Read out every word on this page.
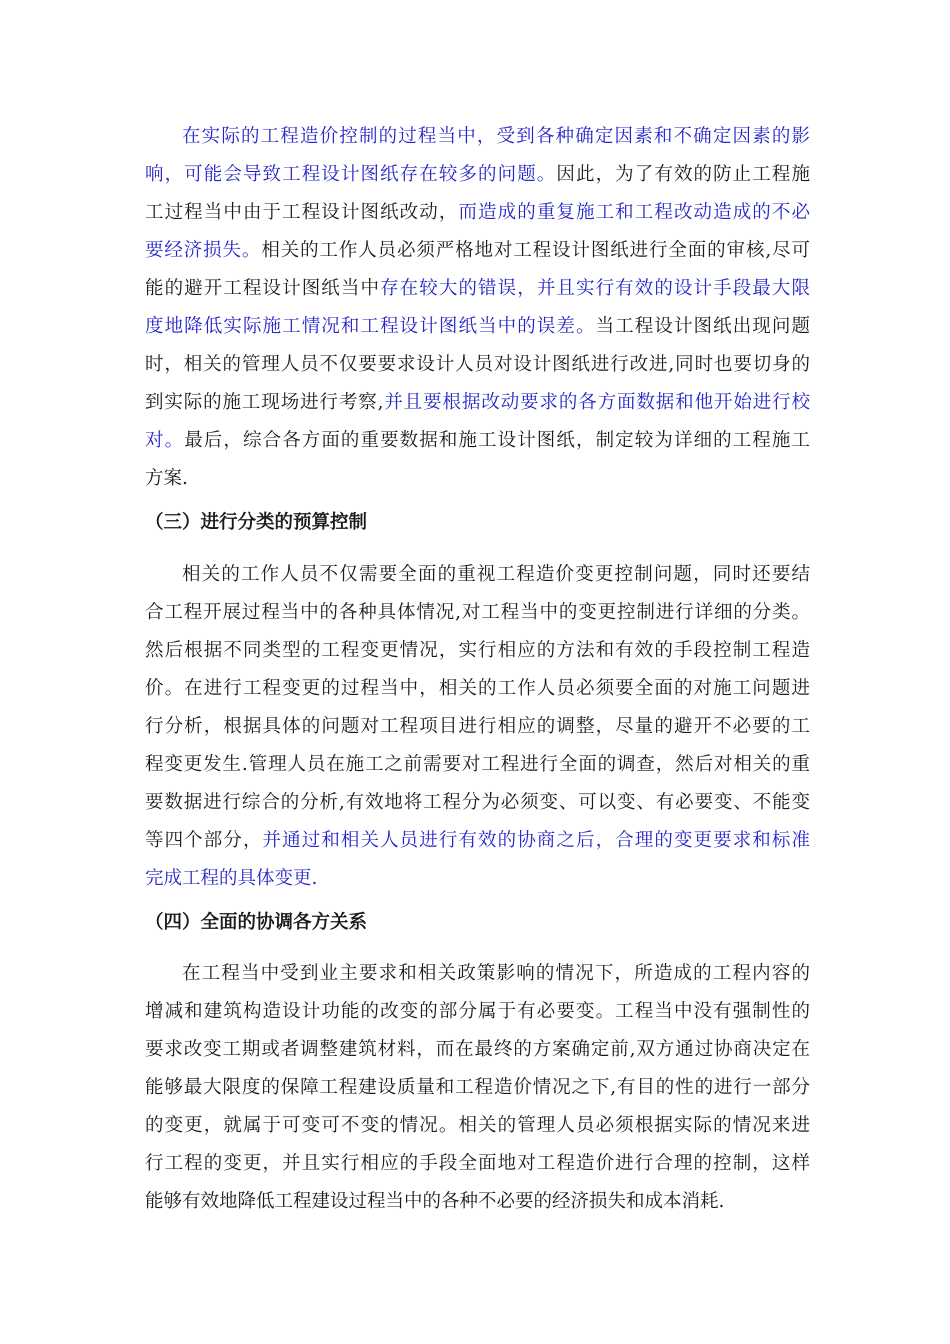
在实际的工程造价控制的过程当中，受到各种确定因素和不确定因素的影
响，可能会导致工程设计图纸存在较多的问题。因此，为了有效的防止工程施
工过程当中由于工程设计图纸改动，而造成的重复施工和工程改动造成的不必
要经济损失。相关的工作人员必须严格地对工程设计图纸进行全面的审核,尽可
能的避开工程设计图纸当中存在较大的错误，并且实行有效的设计手段最大限
度地降低实际施工情况和工程设计图纸当中的误差。当工程设计图纸出现问题
时，相关的管理人员不仅要要求设计人员对设计图纸进行改进,同时也要切身的
到实际的施工现场进行考察,并且要根据改动要求的各方面数据和他开始进行校
对。最后，综合各方面的重要数据和施工设计图纸，制定较为详细的工程施工
方案.
（三）进行分类的预算控制
相关的工作人员不仅需要全面的重视工程造价变更控制问题，同时还要结
合工程开展过程当中的各种具体情况,对工程当中的变更控制进行详细的分类。
然后根据不同类型的工程变更情况，实行相应的方法和有效的手段控制工程造
价。在进行工程变更的过程当中，相关的工作人员必须要全面的对施工问题进
行分析，根据具体的问题对工程项目进行相应的调整，尽量的避开不必要的工
程变更发生.管理人员在施工之前需要对工程进行全面的调查，然后对相关的重
要数据进行综合的分析,有效地将工程分为必须变、可以变、有必要变、不能变
等四个部分，并通过和相关人员进行有效的协商之后，合理的变更要求和标准
完成工程的具体变更.
（四）全面的协调各方关系
在工程当中受到业主要求和相关政策影响的情况下，所造成的工程内容的
增减和建筑构造设计功能的改变的部分属于有必要变。工程当中没有强制性的
要求改变工期或者调整建筑材料，而在最终的方案确定前,双方通过协商决定在
能够最大限度的保障工程建设质量和工程造价情况之下,有目的性的进行一部分
的变更，就属于可变可不变的情况。相关的管理人员必须根据实际的情况来进
行工程的变更，并且实行相应的手段全面地对工程造价进行合理的控制，这样
能够有效地降低工程建设过程当中的各种不必要的经济损失和成本消耗.
